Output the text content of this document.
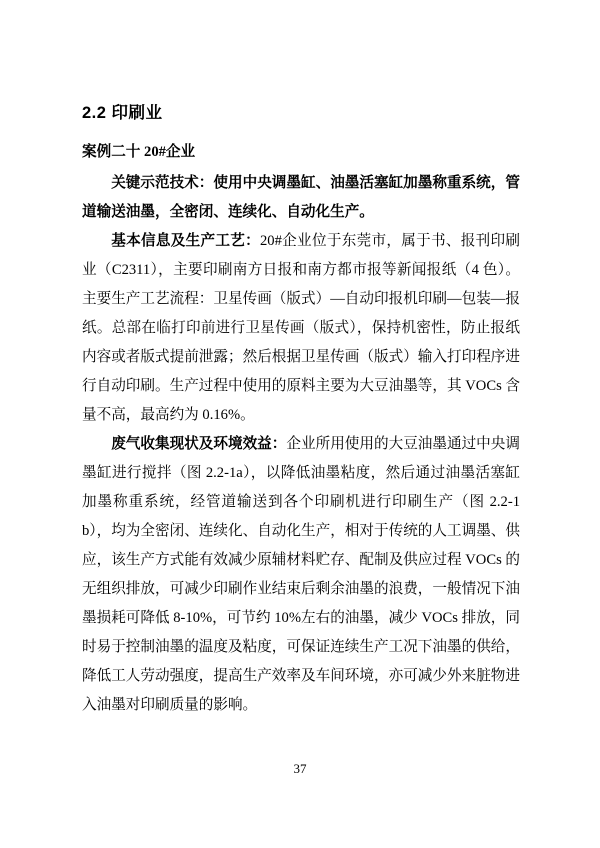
2.2 印刷业
案例二十 20#企业

关键示范技术：使用中央调墨缸、油墨活塞缸加墨称重系统，管道输送油墨，全密闭、连续化、自动化生产。

基本信息及生产工艺：20#企业位于东莞市，属于书、报刊印刷业（C2311），主要印刷南方日报和南方都市报等新闻报纸（4 色）。主要生产工艺流程：卫星传画（版式）—自动印报机印刷—包装—报纸。总部在临打印前进行卫星传画（版式），保持机密性，防止报纸内容或者版式提前泄露；然后根据卫星传画（版式）输入打印程序进行自动印刷。生产过程中使用的原料主要为大豆油墨等，其 VOCs 含量不高，最高约为 0.16%。

废气收集现状及环境效益：企业所用使用的大豆油墨通过中央调墨缸进行搅拌（图 2.2-1a），以降低油墨粘度，然后通过油墨活塞缸加墨称重系统，经管道输送到各个印刷机进行印刷生产（图 2.2-1b），均为全密闭、连续化、自动化生产，相对于传统的人工调墨、供应，该生产方式能有效减少原辅材料贮存、配制及供应过程 VOCs 的无组织排放，可减少印刷作业结束后剩余油墨的浪费，一般情况下油墨损耗可降低 8-10%，可节约 10%左右的油墨，减少 VOCs 排放，同时易于控制油墨的温度及粘度，可保证连续生产工况下油墨的供给，降低工人劳动强度，提高生产效率及车间环境，亦可减少外来脏物进入油墨对印刷质量的影响。

37
